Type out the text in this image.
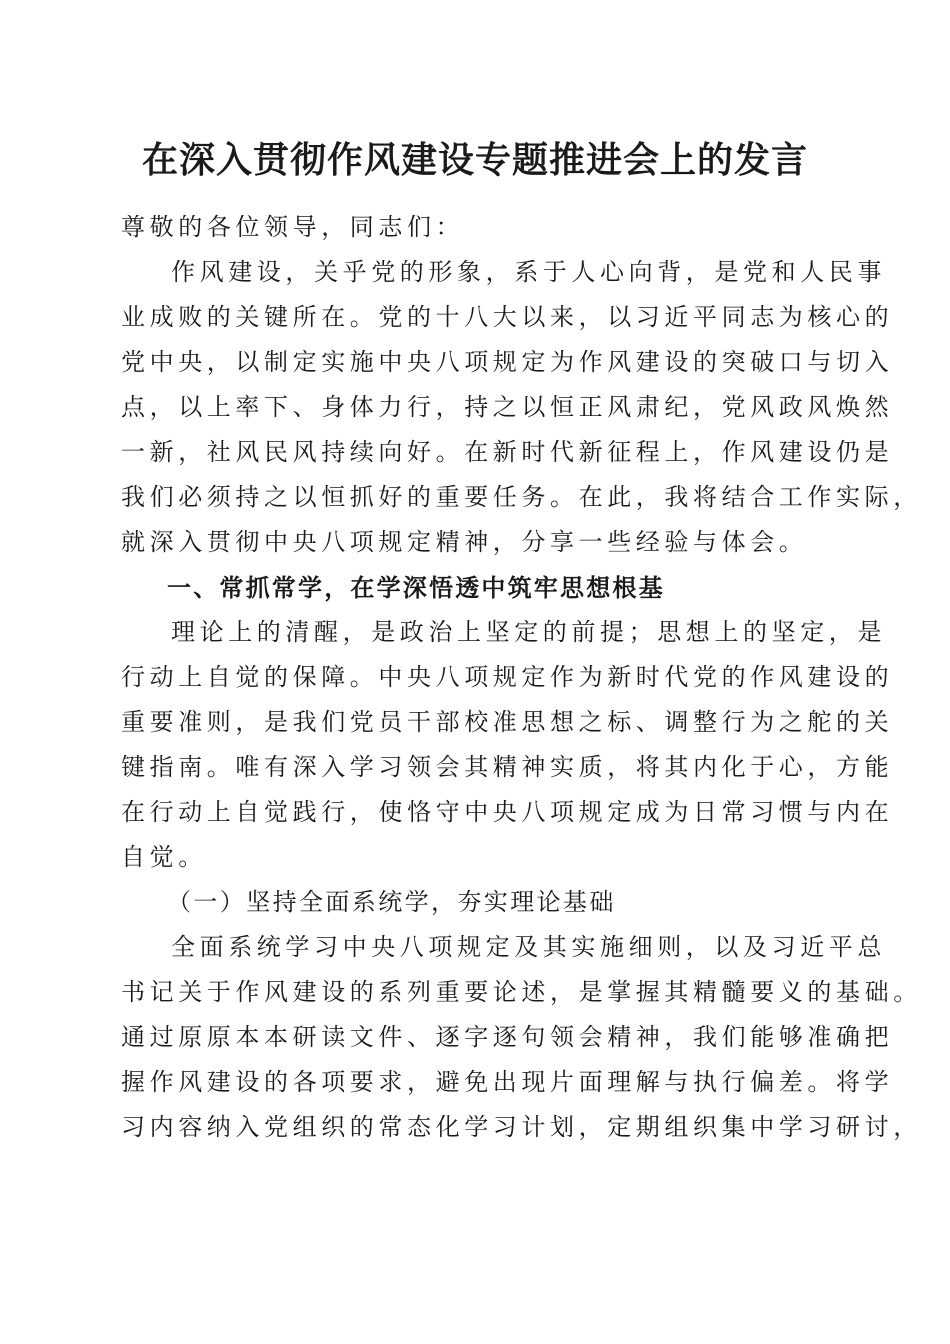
在深入贯彻作风建设专题推进会上的发言
尊敬的各位领导，同志们：
作风建设，关乎党的形象，系于人心向背，是党和人民事
业成败的关键所在。党的十八大以来，以习近平同志为核心的
党中央，以制定实施中央八项规定为作风建设的突破口与切入
点，以上率下、身体力行，持之以恒正风肃纪，党风政风焕然
一新，社风民风持续向好。在新时代新征程上，作风建设仍是
我们必须持之以恒抓好的重要任务。在此，我将结合工作实际，
就深入贯彻中央八项规定精神，分享一些经验与体会。
一、常抓常学，在学深悟透中筑牢思想根基
理论上的清醒，是政治上坚定的前提；思想上的坚定，是
行动上自觉的保障。中央八项规定作为新时代党的作风建设的
重要准则，是我们党员干部校准思想之标、调整行为之舵的关
键指南。唯有深入学习领会其精神实质，将其内化于心，方能
在行动上自觉践行，使恪守中央八项规定成为日常习惯与内在
自觉。
（一）坚持全面系统学，夯实理论基础
全面系统学习中央八项规定及其实施细则，以及习近平总
书记关于作风建设的系列重要论述，是掌握其精髓要义的基础。
通过原原本本研读文件、逐字逐句领会精神，我们能够准确把
握作风建设的各项要求，避免出现片面理解与执行偏差。将学
习内容纳入党组织的常态化学习计划，定期组织集中学习研讨，
